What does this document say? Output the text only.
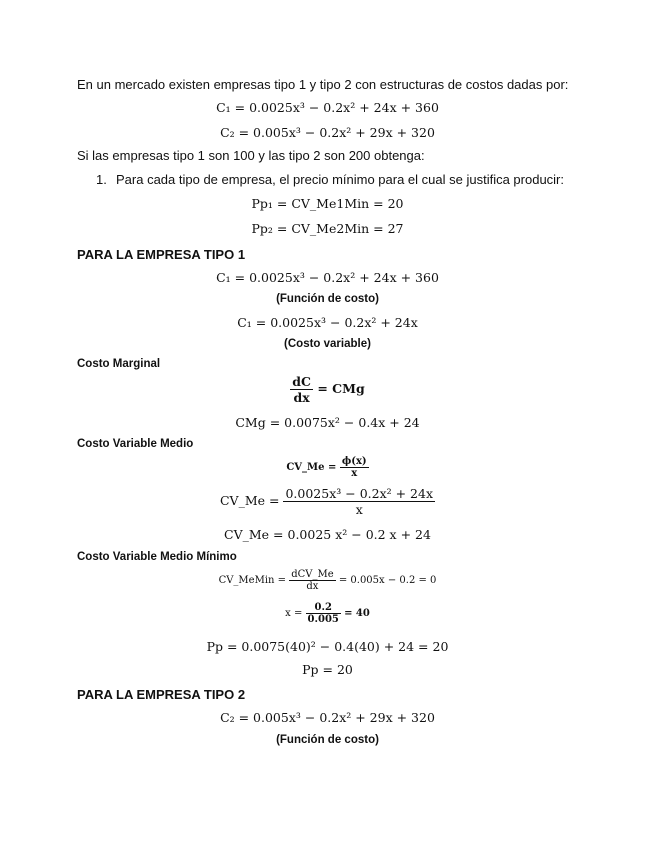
En un mercado existen empresas tipo 1 y tipo 2 con estructuras de costos dadas por:
C₁ = 0.0025x³ − 0.2x² + 24x + 360
C₂ = 0.005x³ − 0.2x² + 29x + 320
Si las empresas tipo 1 son 100 y las tipo 2 son 200 obtenga:
1. Para cada tipo de empresa, el precio mínimo para el cual se justifica producir:
Pp₁ = CV_Me1Min = 20
Pp₂ = CV_Me2Min = 27
PARA LA EMPRESA TIPO 1
C₁ = 0.0025x³ − 0.2x² + 24x + 360
(Función de costo)
C₁ = 0.0025x³ − 0.2x² + 24x
(Costo variable)
Costo Marginal
$\frac{dC}{dx}$ = CMg
CMg = 0.0075x² − 0.4x + 24
Costo Variable Medio
CV_Me = $\frac{\phi(x)}{x}$
CV_Me = $\frac{\text{0.0025x³ − 0.2x² + 24x}}{x}$
CV_Me = 0.0025 x² − 0.2 x + 24
Costo Variable Medio Mínimo
CV_MeMin = $\frac{\text{dCV\_Me}}{dx} = 0.005x - 0.2 = 0$
$x = \frac{0.2}{0.005} = 40$
Pp = 0.0075(40)² − 0.4(40) + 24 = 20
Pp = 20
PARA LA EMPRESA TIPO 2
C₂ = 0.005x³ − 0.2x² + 29x + 320
(Función de costo)
